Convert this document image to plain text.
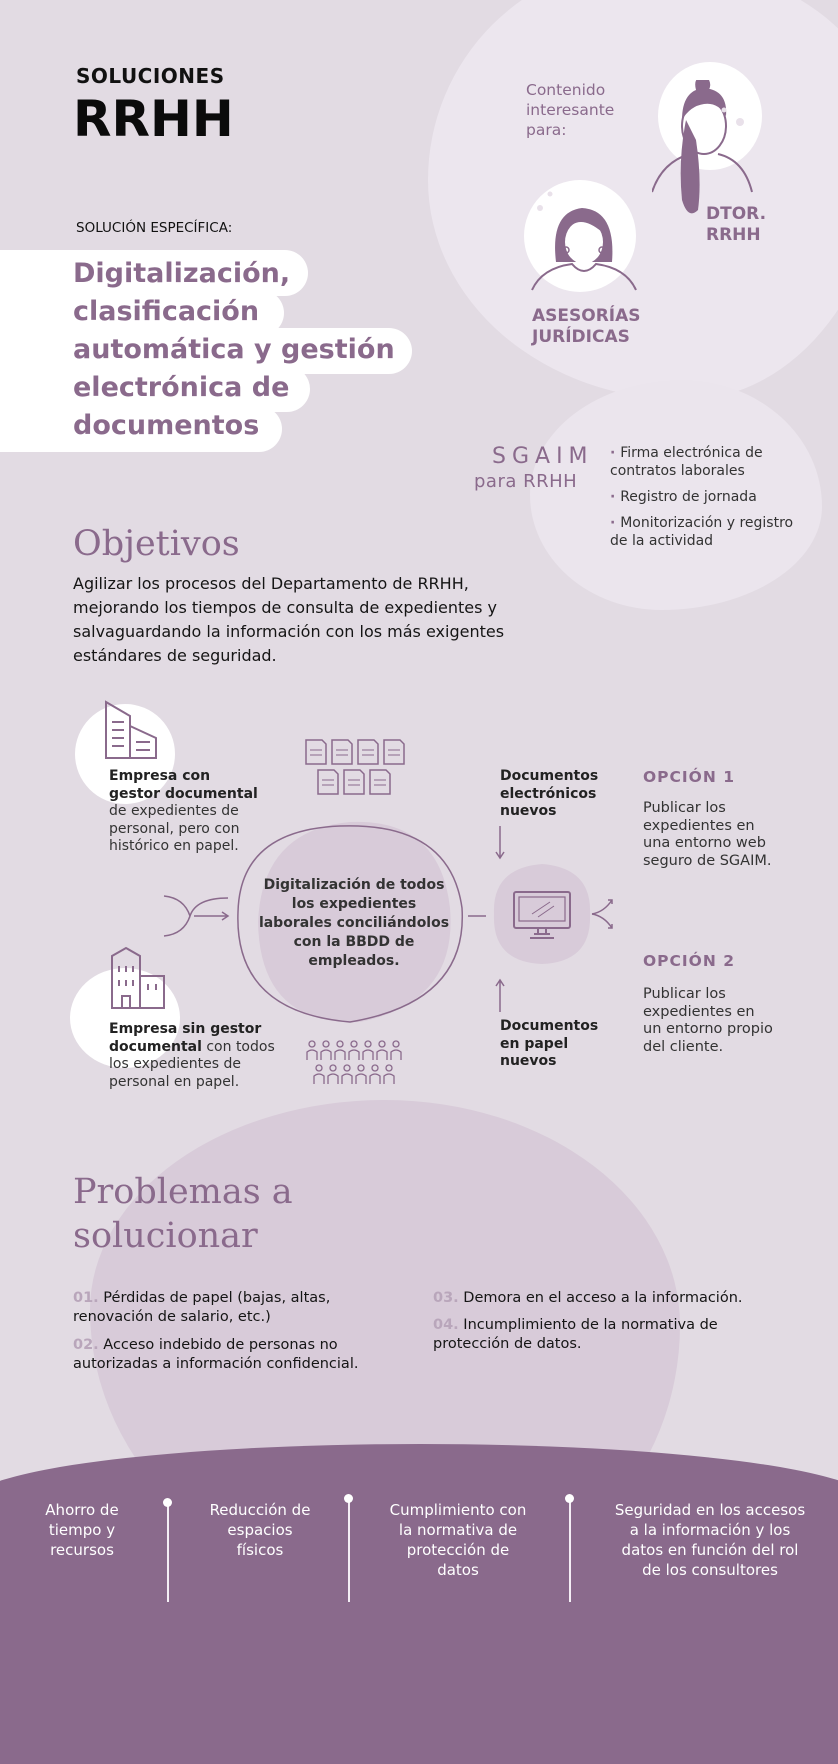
SOLUCIONES
RRHH
SOLUCIÓN ESPECÍFICA:
Digitalización,
clasificación
automática y gestión
electrónica de
documentos
Contenido
interesante
para:
DTOR.
RRHH
ASESORÍAS
JURÍDICAS
SGAIM
para RRHH
· Firma electrónica de contratos laborales
· Registro de jornada
· Monitorización y registro de la actividad
Objetivos
Agilizar los procesos del Departamento de RRHH, mejorando los tiempos de consulta de expedientes y salvaguardando la información con los más exigentes estándares de seguridad.
Empresa con gestor documental de expedientes de personal, pero con histórico en papel.
Empresa sin gestor documental con todos los expedientes de personal en papel.
Digitalización de todos los expedientes laborales conciliándolos con la BBDD de empleados.
Documentos electrónicos nuevos
Documentos en papel nuevos
OPCIÓN 1
Publicar los expedientes en una entorno web seguro de SGAIM.
OPCIÓN 2
Publicar los expedientes en un entorno propio del cliente.
Problemas a
solucionar
01. Pérdidas de papel (bajas, altas, renovación de salario, etc.)
02. Acceso indebido de personas no autorizadas a información confidencial.
03. Demora en el acceso a la información.
04. Incumplimiento de la normativa de protección de datos.
Ahorro de tiempo y recursos
Reducción de espacios físicos
Cumplimiento con la normativa de protección de datos
Seguridad en los accesos a la información y los datos en función del rol de los consultores
